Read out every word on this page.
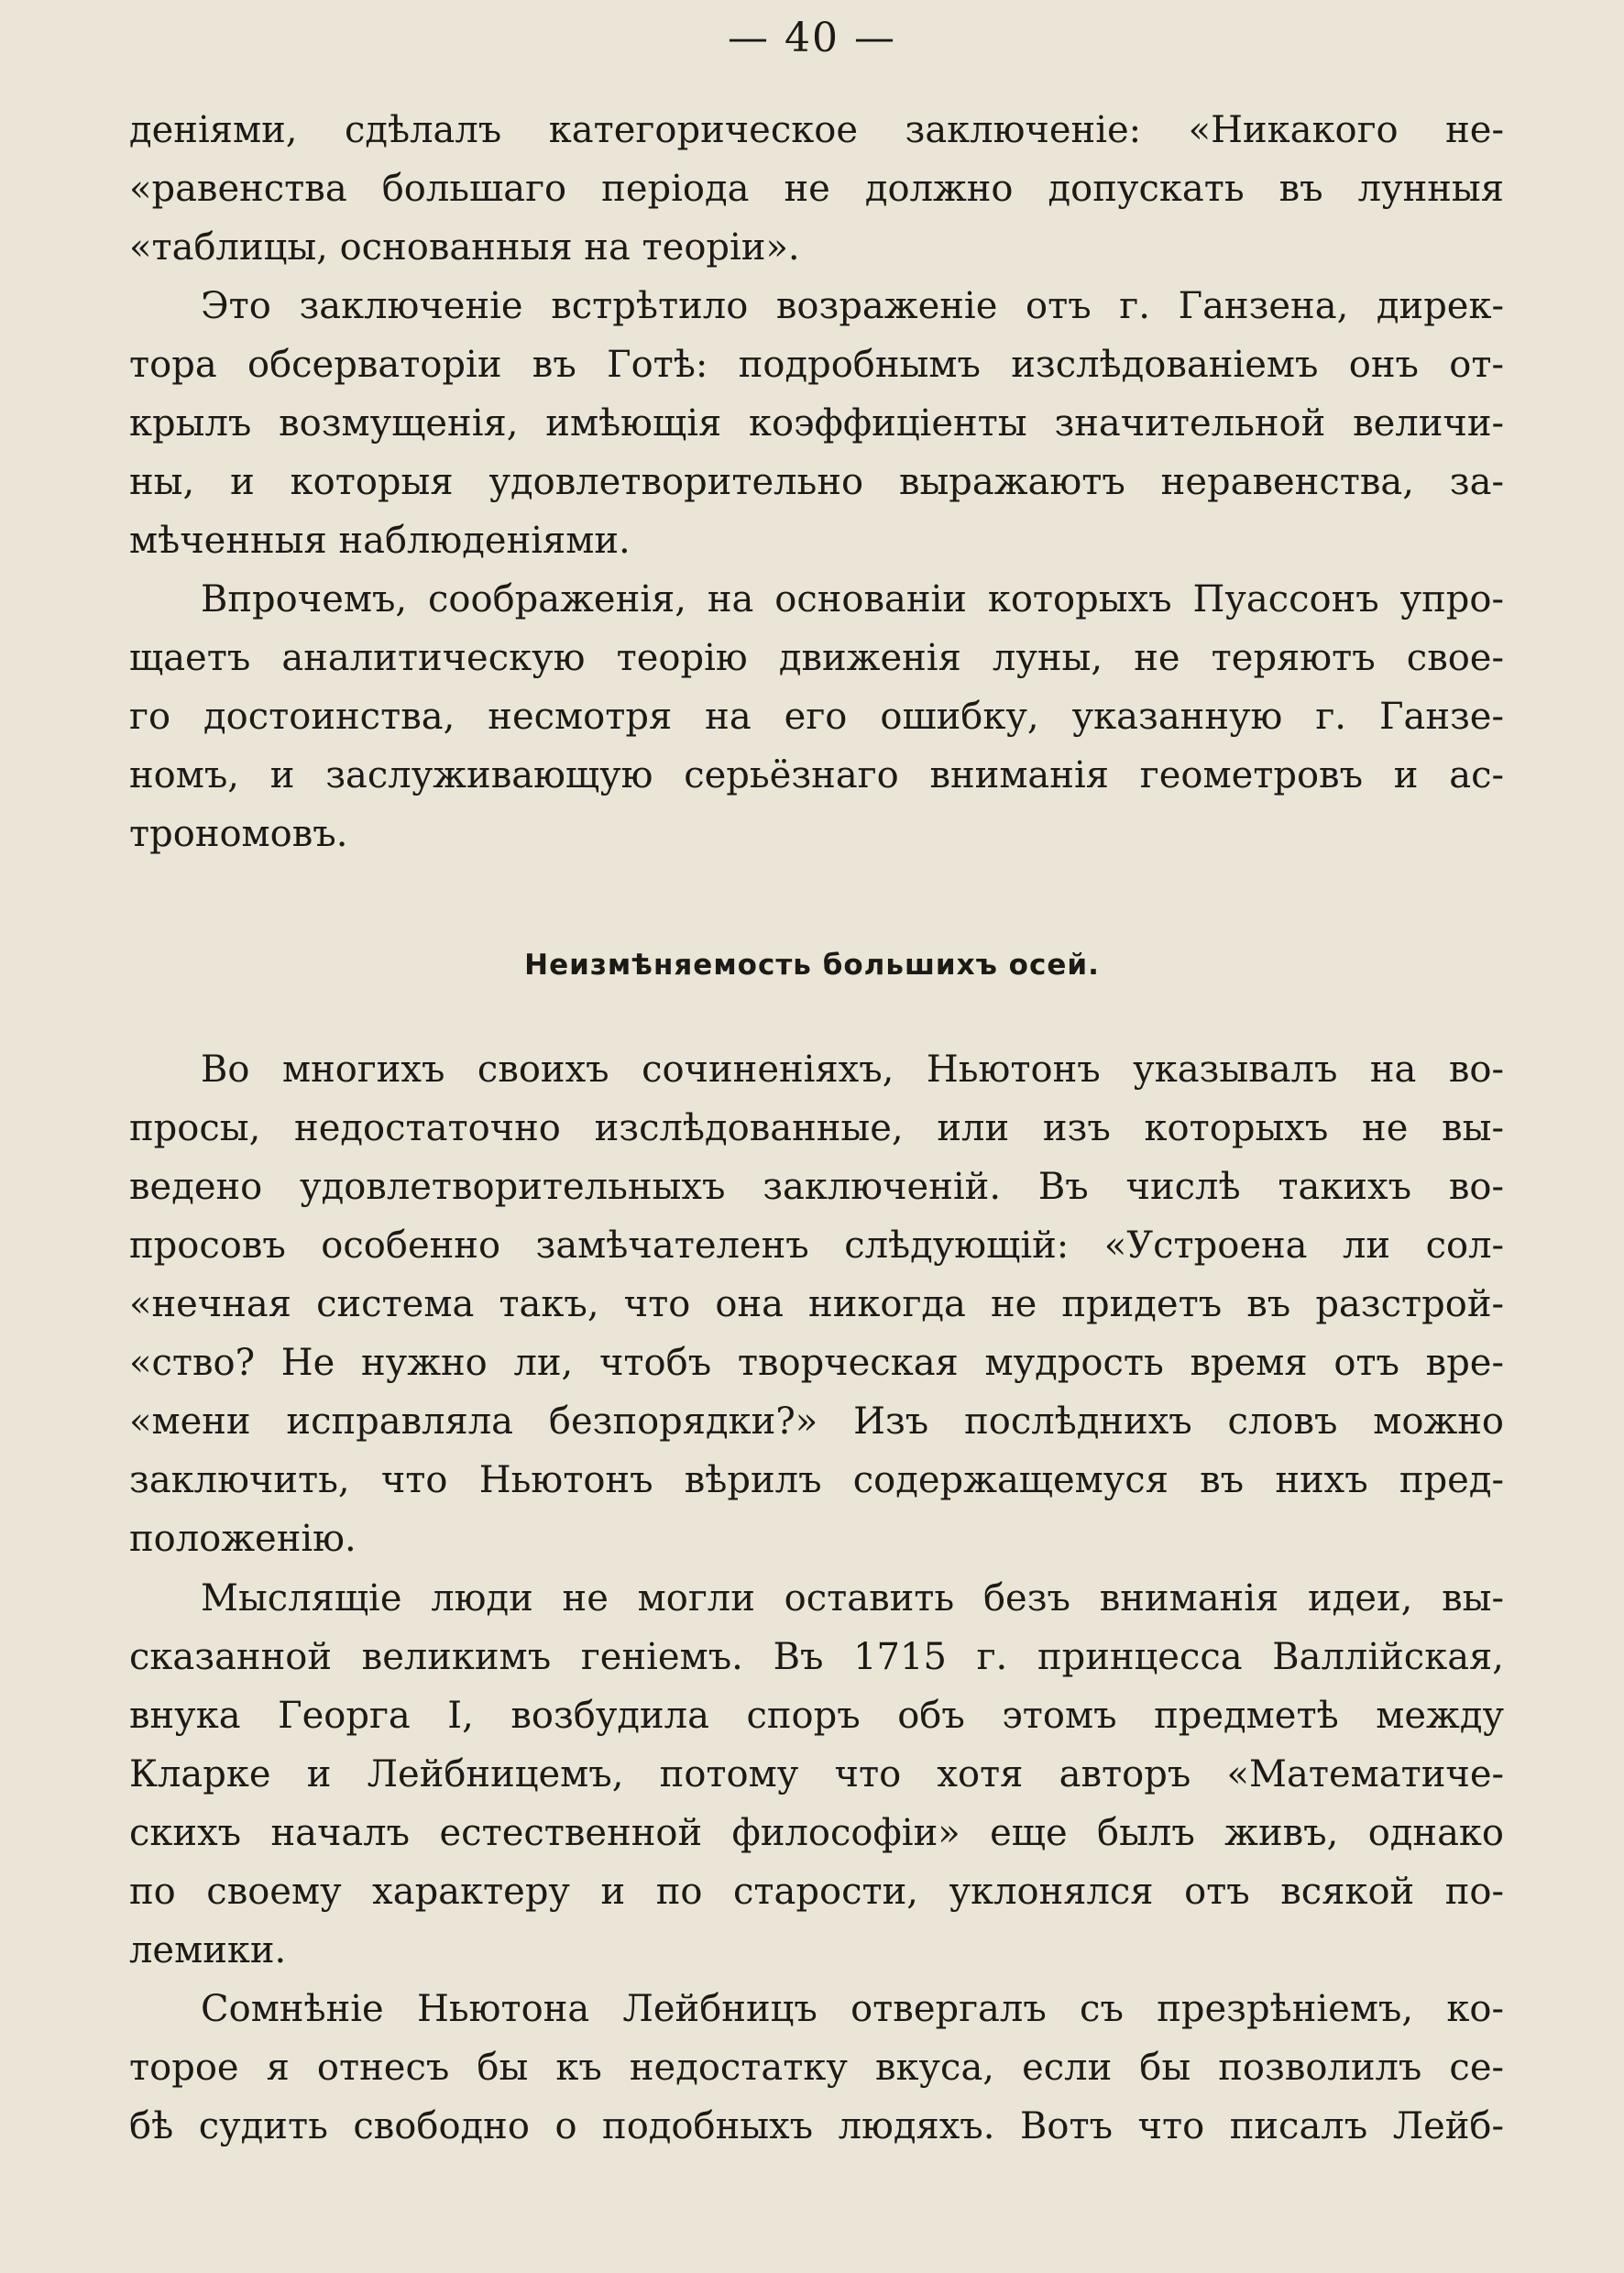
— 40 —
деніями, сдѣлалъ категорическое заключеніе: «Никакого не-
«равенства большаго періода не должно допускать въ лунныя
«таблицы, основанныя на теоріи».
Это заключеніе встрѣтило возраженіе отъ г. Ганзена, дирек-
тора обсерваторіи въ Готѣ: подробнымъ изслѣдованіемъ онъ от-
крылъ возмущенія, имѣющія коэффиціенты значительной величи-
ны, и которыя удовлетворительно выражаютъ неравенства, за-
мѣченныя наблюденіями.
Впрочемъ, соображенія, на основаніи которыхъ Пуассонъ упро-
щаетъ аналитическую теорію движенія луны, не теряютъ свое-
го достоинства, несмотря на его ошибку, указанную г. Ганзе-
номъ, и заслуживающую серьёзнаго вниманія геометровъ и ас-
трономовъ.
Неизмѣняемость большихъ осей.
Во многихъ своихъ сочиненіяхъ, Ньютонъ указывалъ на во-
просы, недостаточно изслѣдованные, или изъ которыхъ не вы-
ведено удовлетворительныхъ заключеній. Въ числѣ такихъ во-
просовъ особенно замѣчателенъ слѣдующій: «Устроена ли сол-
«нечная система такъ, что она никогда не придетъ въ разстрой-
«ство? Не нужно ли, чтобъ творческая мудрость время отъ вре-
«мени исправляла безпорядки?» Изъ послѣднихъ словъ можно
заключить, что Ньютонъ вѣрилъ содержащемуся въ нихъ пред-
положенію.
Мыслящіе люди не могли оставить безъ вниманія идеи, вы-
сказанной великимъ геніемъ. Въ 1715 г. принцесса Валлійская,
внука Георга I, возбудила споръ объ этомъ предметѣ между
Кларке и Лейбницемъ, потому что хотя авторъ «Математиче-
скихъ началъ естественной философіи» еще былъ живъ, однако
по своему характеру и по старости, уклонялся отъ всякой по-
лемики.
Сомнѣніе Ньютона Лейбницъ отвергалъ съ презрѣніемъ, ко-
торое я отнесъ бы къ недостатку вкуса, если бы позволилъ се-
бѣ судить свободно о подобныхъ людяхъ. Вотъ что писалъ Лейб-
